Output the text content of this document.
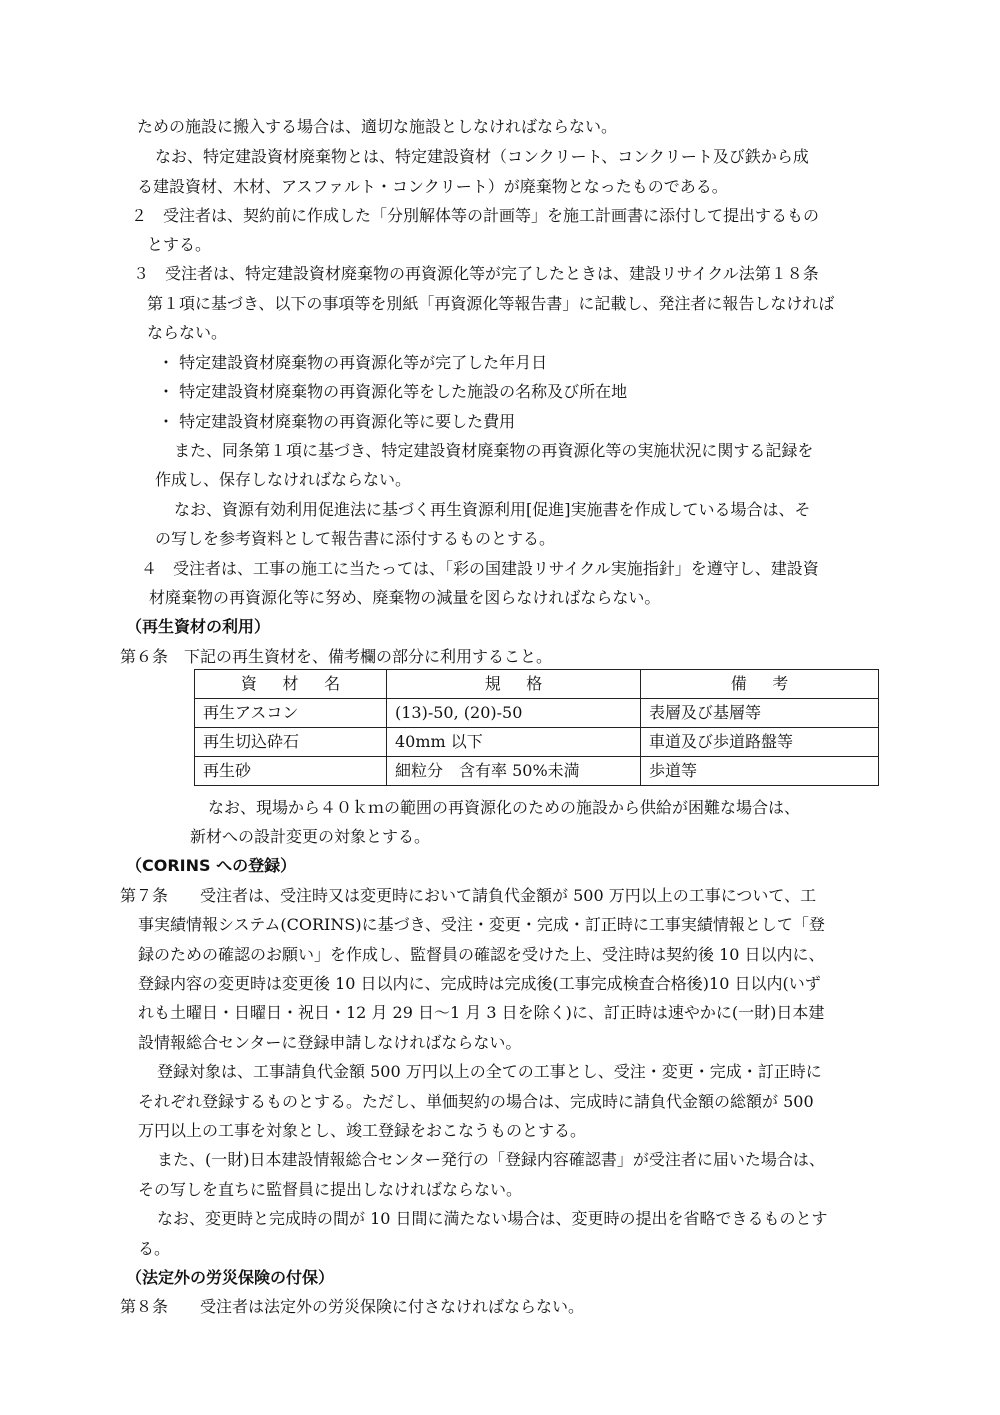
ための施設に搬入する場合は、適切な施設としなければならない。
なお、特定建設資材廃棄物とは、特定建設資材（コンクリート、コンクリート及び鉄から成
る建設資材、木材、アスファルト・コンクリート）が廃棄物となったものである。
２　受注者は、契約前に作成した「分別解体等の計画等」を施工計画書に添付して提出するもの
とする。
３　受注者は、特定建設資材廃棄物の再資源化等が完了したときは、建設リサイクル法第１８条
第１項に基づき、以下の事項等を別紙「再資源化等報告書」に記載し、発注者に報告しなければ
ならない。
・ 特定建設資材廃棄物の再資源化等が完了した年月日
・ 特定建設資材廃棄物の再資源化等をした施設の名称及び所在地
・ 特定建設資材廃棄物の再資源化等に要した費用
また、同条第１項に基づき、特定建設資材廃棄物の再資源化等の実施状況に関する記録を
作成し、保存しなければならない。
なお、資源有効利用促進法に基づく再生資源利用[促進]実施書を作成している場合は、そ
の写しを参考資料として報告書に添付するものとする。
４　受注者は、工事の施工に当たっては、「彩の国建設リサイクル実施指針」を遵守し、建設資
材廃棄物の再資源化等に努め、廃棄物の減量を図らなければならない。
（再生資材の利用）
第６条　下記の再生資材を、備考欄の部分に利用すること。
資材名	規格	備考
再生アスコン	(13)-50, (20)-50	表層及び基層等
再生切込砕石	40mm 以下	車道及び歩道路盤等
再生砂	細粒分　含有率 50%未満	歩道等
なお、現場から４０ｋｍの範囲の再資源化のための施設から供給が困難な場合は、
新材への設計変更の対象とする。
（CORINS への登録）
第７条　　受注者は、受注時又は変更時において請負代金額が 500 万円以上の工事について、工
事実績情報システム(CORINS)に基づき、受注・変更・完成・訂正時に工事実績情報として「登
録のための確認のお願い」を作成し、監督員の確認を受けた上、受注時は契約後 10 日以内に、
登録内容の変更時は変更後 10 日以内に、完成時は完成後(工事完成検査合格後)10 日以内(いず
れも土曜日・日曜日・祝日・12 月 29 日～1 月 3 日を除く)に、訂正時は速やかに(一財)日本建
設情報総合センターに登録申請しなければならない。
登録対象は、工事請負代金額 500 万円以上の全ての工事とし、受注・変更・完成・訂正時に
それぞれ登録するものとする。ただし、単価契約の場合は、完成時に請負代金額の総額が 500
万円以上の工事を対象とし、竣工登録をおこなうものとする。
また、(一財)日本建設情報総合センター発行の「登録内容確認書」が受注者に届いた場合は、
その写しを直ちに監督員に提出しなければならない。
なお、変更時と完成時の間が 10 日間に満たない場合は、変更時の提出を省略できるものとす
る。
（法定外の労災保険の付保）
第８条　　受注者は法定外の労災保険に付さなければならない。
